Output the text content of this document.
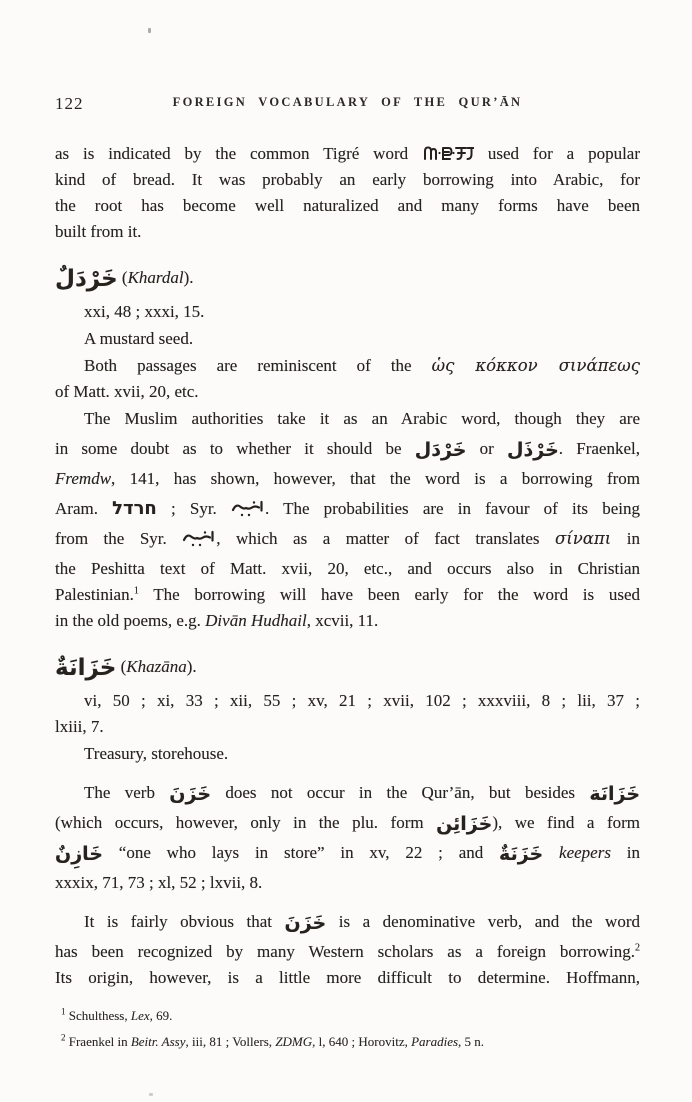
122	FOREIGN VOCABULARY OF THE QUR’ĀN
as is indicated by the common Tigré word	used for a popular
kind of bread. It was probably an early borrowing into Arabic, for
the root has become well naturalized and many forms have been
built from it.
خَرْدَلٌ (Khardal).
xxi, 48 ; xxxi, 15.
A mustard seed.
Both passages are reminiscent of the ὡς κόκκον σινάπεως
of Matt. xvii, 20, etc.
The Muslim authorities take it as an Arabic word, though they are
in some doubt as to whether it should be خَرْدَل or خَرْذَل. Fraenkel,
Fremdw, 141, has shown, however, that the word is a borrowing from
Aram. חרדל ; Syr. . The probabilities are in favour of its being
from the Syr. , which as a matter of fact translates σίναπι in
the Peshitta text of Matt. xvii, 20, etc., and occurs also in Christian
Palestinian.$^1$ The borrowing will have been early for the word is used
in the old poems, e.g. Divān Hudhail, xcvii, 11.
خَزَانَةٌ (Khazāna).
vi, 50 ; xi, 33 ; xii, 55 ; xv, 21 ; xvii, 102 ; xxxviii, 8 ; lii, 37 ;
lxiii, 7.
Treasury, storehouse.
The verb خَزَنَ does not occur in the Qur’ān, but besides خَزَانَة
(which occurs, however, only in the plu. form خَزَائِن), we find a form
خَازِنٌ “one who lays in store” in xv, 22 ; and خَزَنَةٌ keepers in
xxxix, 71, 73 ; xl, 52 ; lxvii, 8.
It is fairly obvious that خَزَنَ is a denominative verb, and the word
has been recognized by many Western scholars as a foreign borrowing.$^2$
Its origin, however, is a little more difficult to determine. Hoffmann,
$^1$ Schulthess, Lex, 69.
$^2$ Fraenkel in Beitr. Assy, iii, 81 ; Vollers, ZDMG, l, 640 ; Horovitz, Paradies, 5 n.
